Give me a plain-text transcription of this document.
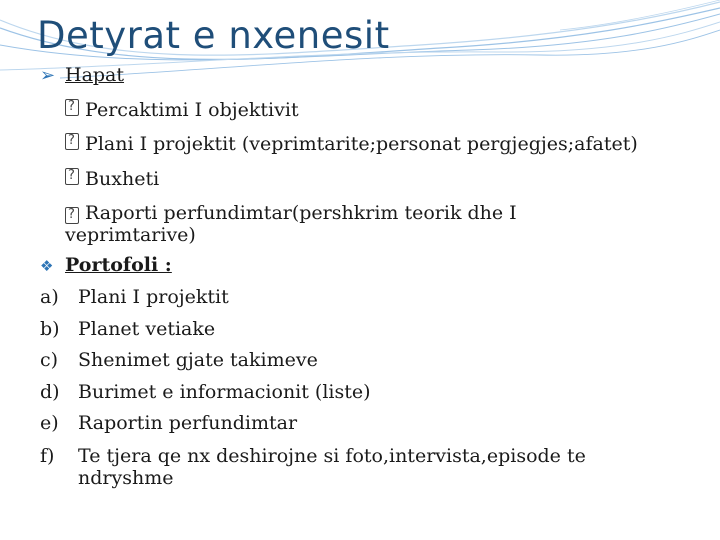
Detyrat e nxenesit
➢ Hapat
? Percaktimi I objektivit
? Plani I projektit (veprimtarite;personat pergjegjes;afatet)
? Buxheti
? Raporti perfundimtar(pershkrim teorik dhe I veprimtarive)
❖ Portofoli :
a) Plani I projektit
b) Planet vetiake
c) Shenimet gjate takimeve
d) Burimet e informacionit (liste)
e) Raportin perfundimtar
f) Te tjera qe nx deshirojne si foto,intervista,episode te ndryshme
